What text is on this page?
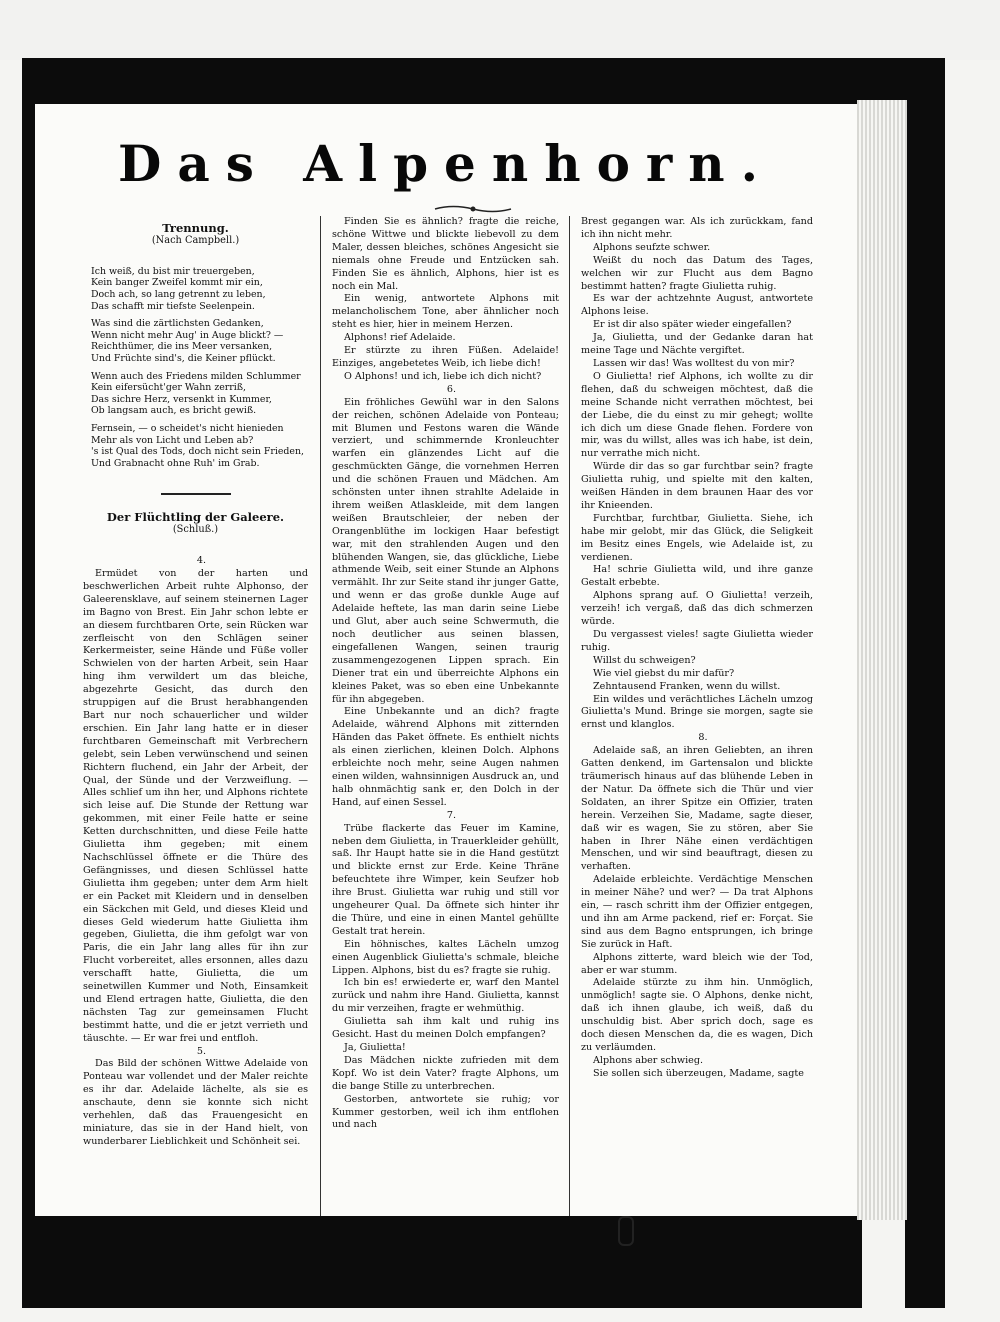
Das Alpenhorn.
Trennung.
(Nach Campbell.)
Ich weiß, du bist mir treuergeben,
Kein banger Zweifel kommt mir ein,
Doch ach, so lang getrennt zu leben,
Das schafft mir tiefste Seelenpein.
Was sind die zärtlichsten Gedanken,
Wenn nicht mehr Aug' in Auge blickt? —
Reichthümer, die ins Meer versanken,
Und Früchte sind's, die Keiner pflückt.
Wenn auch des Friedens milden Schlummer
Kein eifersücht'ger Wahn zerriß,
Das sichre Herz, versenkt in Kummer,
Ob langsam auch, es bricht gewiß.
Fernsein, — o scheidet's nicht hienieden
Mehr als von Licht und Leben ab?
's ist Qual des Tods, doch nicht sein Frieden,
Und Grabnacht ohne Ruh' im Grab.
Der Flüchtling der Galeere.
(Schluß.)

4.

Ermüdet von der harten und beschwerlichen Arbeit ruhte Alphonso, der Galeerensklave, auf seinem steinernen Lager im Bagno von Brest. Ein Jahr schon lebte er an diesem furchtbaren Orte, sein Rücken war zerfleischt von den Schlägen seiner Kerkermeister, seine Hände und Füße voller Schwielen von der harten Arbeit, sein Haar hing ihm verwildert um das bleiche, abgezehrte Gesicht, das durch den struppigen auf die Brust herabhangenden Bart nur noch schauerlicher und wilder erschien. Ein Jahr lang hatte er in dieser furchtbaren Gemeinschaft mit Verbrechern gelebt, sein Leben verwünschend und seinen Richtern fluchend, ein Jahr der Arbeit, der Qual, der Sünde und der Verzweiflung. — Alles schlief um ihn her, und Alphons richtete sich leise auf. Die Stunde der Rettung war gekommen, mit einer Feile hatte er seine Ketten durchschnitten, und diese Feile hatte Giulietta ihm gegeben; mit einem Nachschlüssel öffnete er die Thüre des Gefängnisses, und diesen Schlüssel hatte Giulietta ihm gegeben; unter dem Arm hielt er ein Packet mit Kleidern und in denselben ein Säckchen mit Geld, und dieses Kleid und dieses Geld wiederum hatte Giulietta ihm gegeben, Giulietta, die ihm gefolgt war von Paris, die ein Jahr lang alles für ihn zur Flucht vorbereitet, alles ersonnen, alles dazu verschafft hatte, Giulietta, die um seinetwillen Kummer und Noth, Einsamkeit und Elend ertragen hatte, Giulietta, die den nächsten Tag zur gemeinsamen Flucht bestimmt hatte, und die er jetzt verrieth und täuschte. — Er war frei und entfloh.

5.

Das Bild der schönen Wittwe Adelaide von Ponteau war vollendet und der Maler reichte es ihr dar. Adelaide lächelte, als sie es anschaute, denn sie konnte sich nicht verhehlen, daß das Frauengesicht en miniature, das sie in der Hand hielt, von wunderbarer Lieblichkeit und Schönheit sei.

Finden Sie es ähnlich? fragte die reiche, schöne Wittwe und blickte liebevoll zu dem Maler, dessen bleiches, schönes Angesicht sie niemals ohne Freude und Entzücken sah. Finden Sie es ähnlich, Alphons, hier ist es noch ein Mal.

Ein wenig, antwortete Alphons mit melancholischem Tone, aber ähnlicher noch steht es hier, hier in meinem Herzen.

Alphons! rief Adelaide.

Er stürzte zu ihren Füßen. Adelaide! Einziges, angebetetes Weib, ich liebe dich!

O Alphons! und ich, liebe ich dich nicht?

6.

Ein fröhliches Gewühl war in den Salons der reichen, schönen Adelaide von Ponteau; mit Blumen und Festons waren die Wände verziert, und schimmernde Kronleuchter warfen ein glänzendes Licht auf die geschmückten Gänge, die vornehmen Herren und die schönen Frauen und Mädchen. Am schönsten unter ihnen strahlte Adelaide in ihrem weißen Atlaskleide, mit dem langen weißen Brautschleier, der neben der Orangenblüthe im lockigen Haar befestigt war, mit den strahlenden Augen und den blühenden Wangen, sie, das glückliche, Liebe athmende Weib, seit einer Stunde an Alphons vermählt. Ihr zur Seite stand ihr junger Gatte, und wenn er das große dunkle Auge auf Adelaide heftete, las man darin seine Liebe und Glut, aber auch seine Schwermuth, die noch deutlicher aus seinen blassen, eingefallenen Wangen, seinen traurig zusammengezogenen Lippen sprach. Ein Diener trat ein und überreichte Alphons ein kleines Paket, was so eben eine Unbekannte für ihn abgegeben.

Eine Unbekannte und an dich? fragte Adelaide, während Alphons mit zitternden Händen das Paket öffnete. Es enthielt nichts als einen zierlichen, kleinen Dolch. Alphons erbleichte noch mehr, seine Augen nahmen einen wilden, wahnsinnigen Ausdruck an, und halb ohnmächtig sank er, den Dolch in der Hand, auf einen Sessel.

7.

Trübe flackerte das Feuer im Kamine, neben dem Giulietta, in Trauerkleider gehüllt, saß. Ihr Haupt hatte sie in die Hand gestützt und blickte ernst zur Erde. Keine Thräne befeuchtete ihre Wimper, kein Seufzer hob ihre Brust. Giulietta war ruhig und still vor ungeheurer Qual. Da öffnete sich hinter ihr die Thüre, und eine in einen Mantel gehüllte Gestalt trat herein.

Ein höhnisches, kaltes Lächeln umzog einen Augenblick Giulietta's schmale, bleiche Lippen. Alphons, bist du es? fragte sie ruhig.

Ich bin es! erwiederte er, warf den Mantel zurück und nahm ihre Hand. Giulietta, kannst du mir verzeihen, fragte er wehmüthig.

Giulietta sah ihm kalt und ruhig ins Gesicht. Hast du meinen Dolch empfangen?

Ja, Giulietta!

Das Mädchen nickte zufrieden mit dem Kopf. Wo ist dein Vater? fragte Alphons, um die bange Stille zu unterbrechen.

Gestorben, antwortete sie ruhig; vor Kummer gestorben, weil ich ihm entflohen und nach

Brest gegangen war. Als ich zurückkam, fand ich ihn nicht mehr.

Alphons seufzte schwer.

Weißt du noch das Datum des Tages, welchen wir zur Flucht aus dem Bagno bestimmt hatten? fragte Giulietta ruhig.

Es war der achtzehnte August, antwortete Alphons leise.

Er ist dir also später wieder eingefallen?

Ja, Giulietta, und der Gedanke daran hat meine Tage und Nächte vergiftet.

Lassen wir das! Was wolltest du von mir?

O Giulietta! rief Alphons, ich wollte zu dir flehen, daß du schweigen möchtest, daß die meine Schande nicht verrathen möchtest, bei der Liebe, die du einst zu mir gehegt; wollte ich dich um diese Gnade flehen. Fordere von mir, was du willst, alles was ich habe, ist dein, nur verrathe mich nicht.

Würde dir das so gar furchtbar sein? fragte Giulietta ruhig, und spielte mit den kalten, weißen Händen in dem braunen Haar des vor ihr Knieenden.

Furchtbar, furchtbar, Giulietta. Siehe, ich habe mir gelobt, mir das Glück, die Seligkeit im Besitz eines Engels, wie Adelaide ist, zu verdienen.

Ha! schrie Giulietta wild, und ihre ganze Gestalt erbebte.

Alphons sprang auf. O Giulietta! verzeih, verzeih! ich vergaß, daß das dich schmerzen würde.

Du vergassest vieles! sagte Giulietta wieder ruhig.

Willst du schweigen?

Wie viel giebst du mir dafür?

Zehntausend Franken, wenn du willst.

Ein wildes und verächtliches Lächeln umzog Giulietta's Mund. Bringe sie morgen, sagte sie ernst und klanglos.

8.

Adelaide saß, an ihren Geliebten, an ihren Gatten denkend, im Gartensalon und blickte träumerisch hinaus auf das blühende Leben in der Natur. Da öffnete sich die Thür und vier Soldaten, an ihrer Spitze ein Offizier, traten herein. Verzeihen Sie, Madame, sagte dieser, daß wir es wagen, Sie zu stören, aber Sie haben in Ihrer Nähe einen verdächtigen Menschen, und wir sind beauftragt, diesen zu verhaften.

Adelaide erbleichte. Verdächtige Menschen in meiner Nähe? und wer? — Da trat Alphons ein, — rasch schritt ihm der Offizier entgegen, und ihn am Arme packend, rief er: Forçat. Sie sind aus dem Bagno entsprungen, ich bringe Sie zurück in Haft.

Alphons zitterte, ward bleich wie der Tod, aber er war stumm.

Adelaide stürzte zu ihm hin. Unmöglich, unmöglich! sagte sie. O Alphons, denke nicht, daß ich ihnen glaube, ich weiß, daß du unschuldig bist. Aber sprich doch, sage es doch diesen Menschen da, die es wagen, Dich zu verläumden.

Alphons aber schwieg.

Sie sollen sich überzeugen, Madame, sagte
